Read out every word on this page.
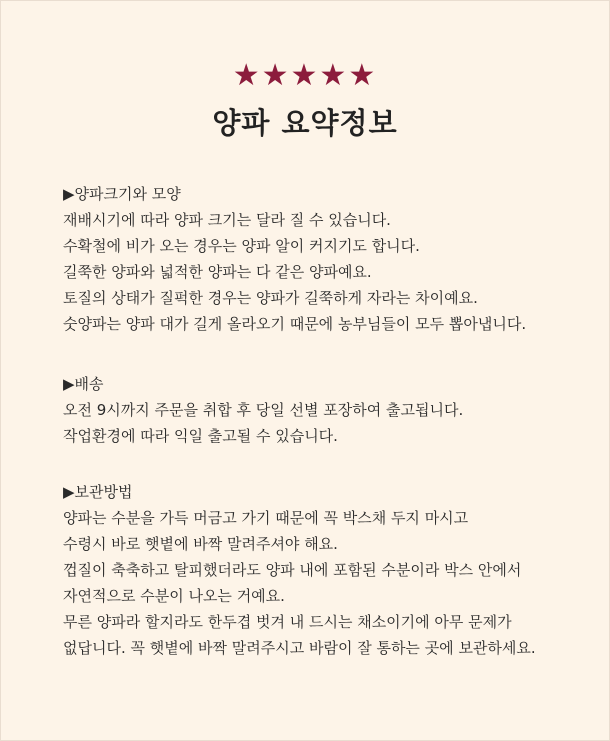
★★★★★
양파 요약정보
▶양파크기와 모양
재배시기에 따라 양파 크기는 달라 질 수 있습니다.
수확철에 비가 오는 경우는 양파 알이 커지기도 합니다.
길쭉한 양파와 넓적한 양파는 다 같은 양파예요.
토질의 상태가 질퍽한 경우는 양파가 길쭉하게 자라는 차이예요.
숫양파는 양파 대가 길게 올라오기 때문에 농부님들이 모두 뽑아냅니다.
▶배송
오전 9시까지 주문을 취합 후 당일 선별 포장하여 출고됩니다.
작업환경에 따라 익일 출고될 수 있습니다.
▶보관방법
양파는 수분을 가득 머금고 가기 때문에 꼭 박스채 두지 마시고
수령시 바로 햇볕에 바짝 말려주셔야 해요.
껍질이 축축하고 탈피했더라도 양파 내에 포함된 수분이라 박스 안에서
자연적으로 수분이 나오는 거예요.
무른 양파라 할지라도 한두겹 벗겨 내 드시는 채소이기에 아무 문제가
없답니다. 꼭 햇볕에 바짝 말려주시고 바람이 잘 통하는 곳에 보관하세요.
